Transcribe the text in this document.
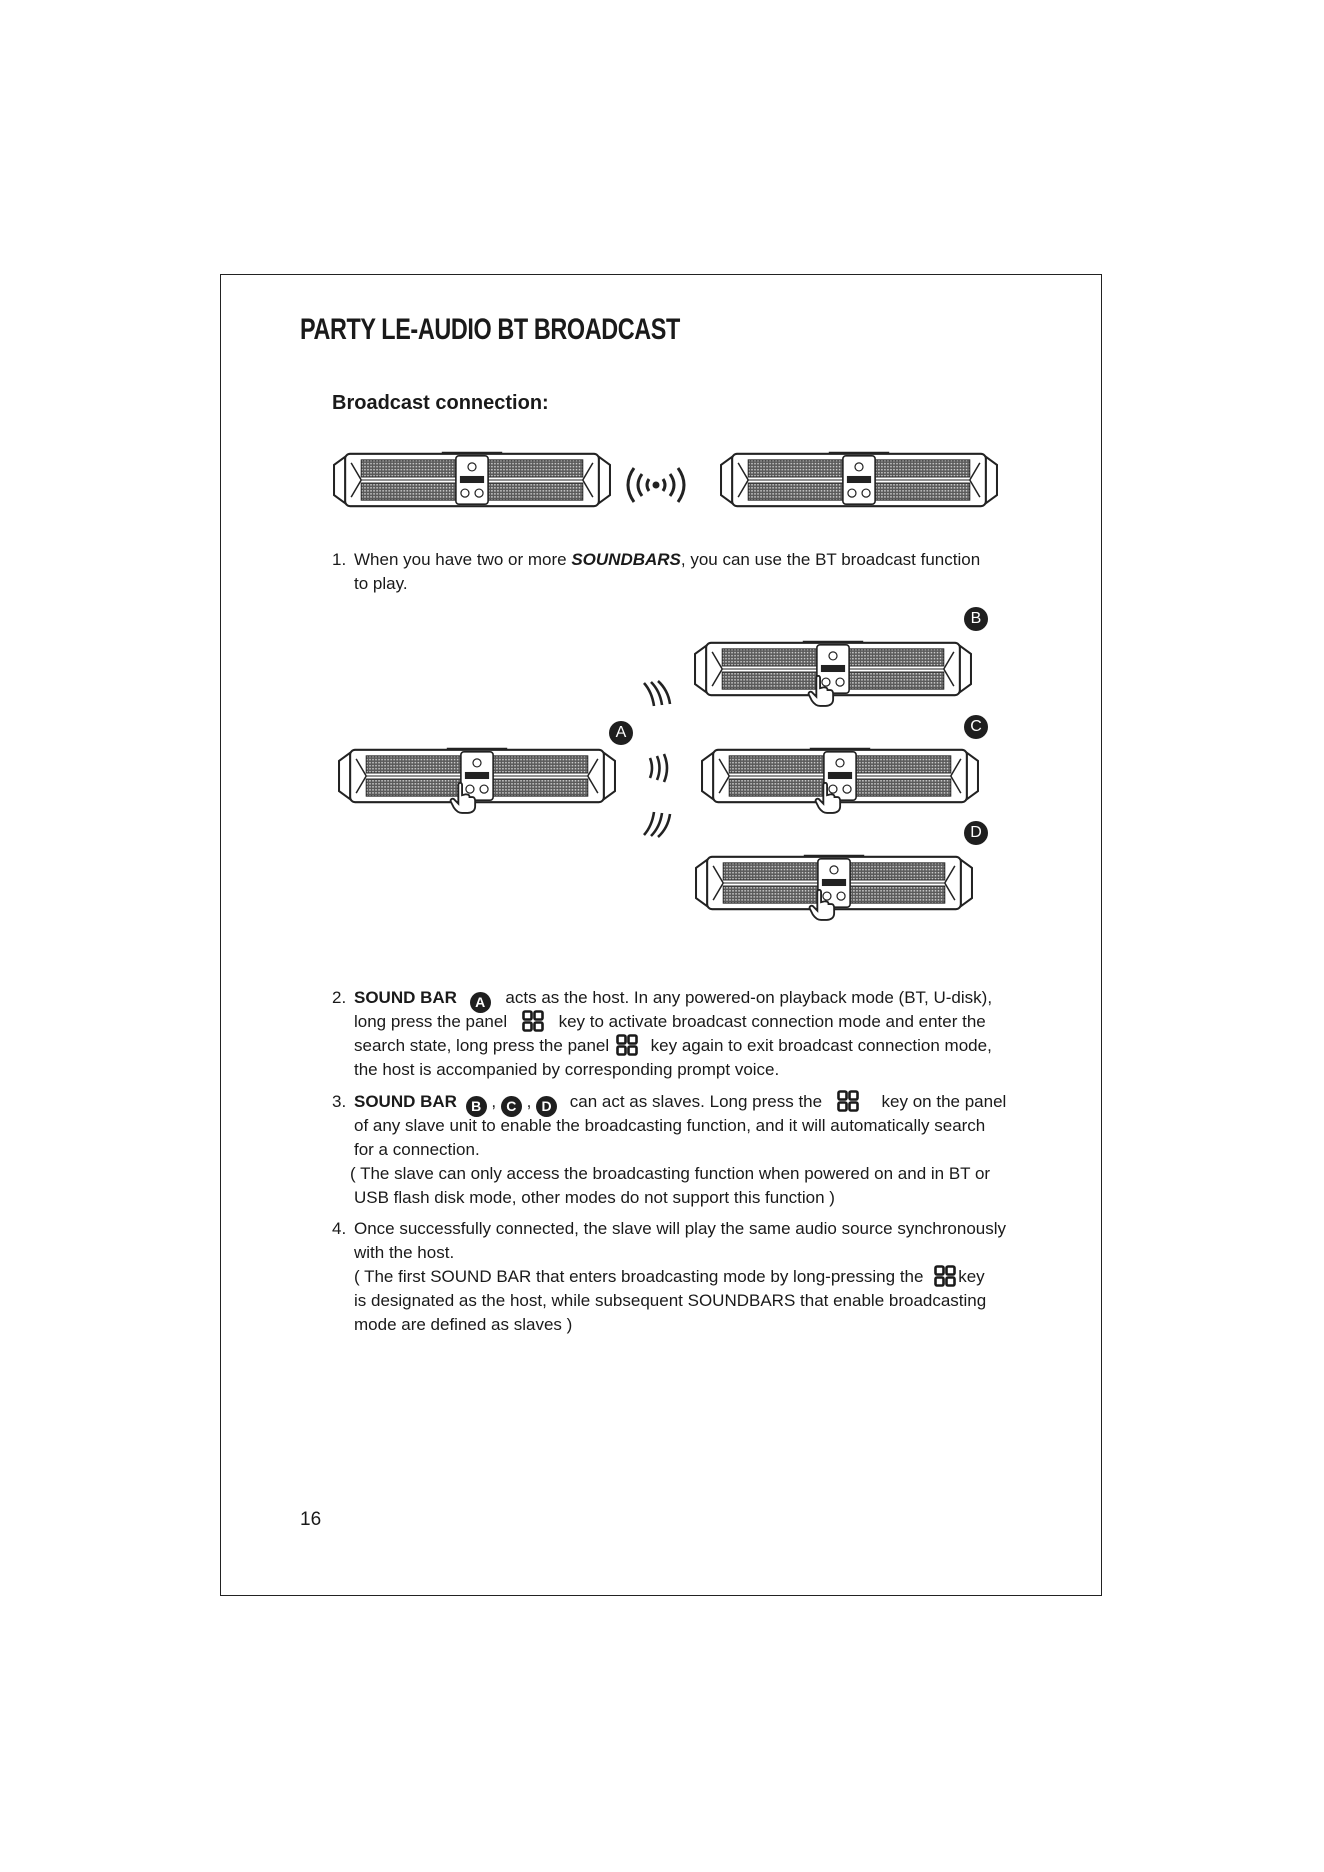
PARTY LE-AUDIO BT BROADCAST
Broadcast connection:
1. When you have two or more SOUNDBARS, you can use the BT broadcast function
to play.
A
B
C
D
2. SOUND BAR A acts as the host. In any powered-on playback mode (BT, U-disk),
long press the panel	key to activate broadcast connection mode and enter the
search state, long press the panel key again to exit broadcast connection mode,
the host is accompanied by corresponding prompt voice.
3. SOUND BAR B , C , D can act as slaves. Long press the	key on the panel
of any slave unit to enable the broadcasting function, and it will automatically search
for a connection.
( The slave can only access the broadcasting function when powered on and in BT or
USB flash disk mode, other modes do not support this function )
4. Once successfully connected, the slave will play the same audio source synchronously
with the host.
( The first SOUND BAR that enters broadcasting mode by long-pressing the key
is designated as the host, while subsequent SOUNDBARS that enable broadcasting
mode are defined as slaves )
16
